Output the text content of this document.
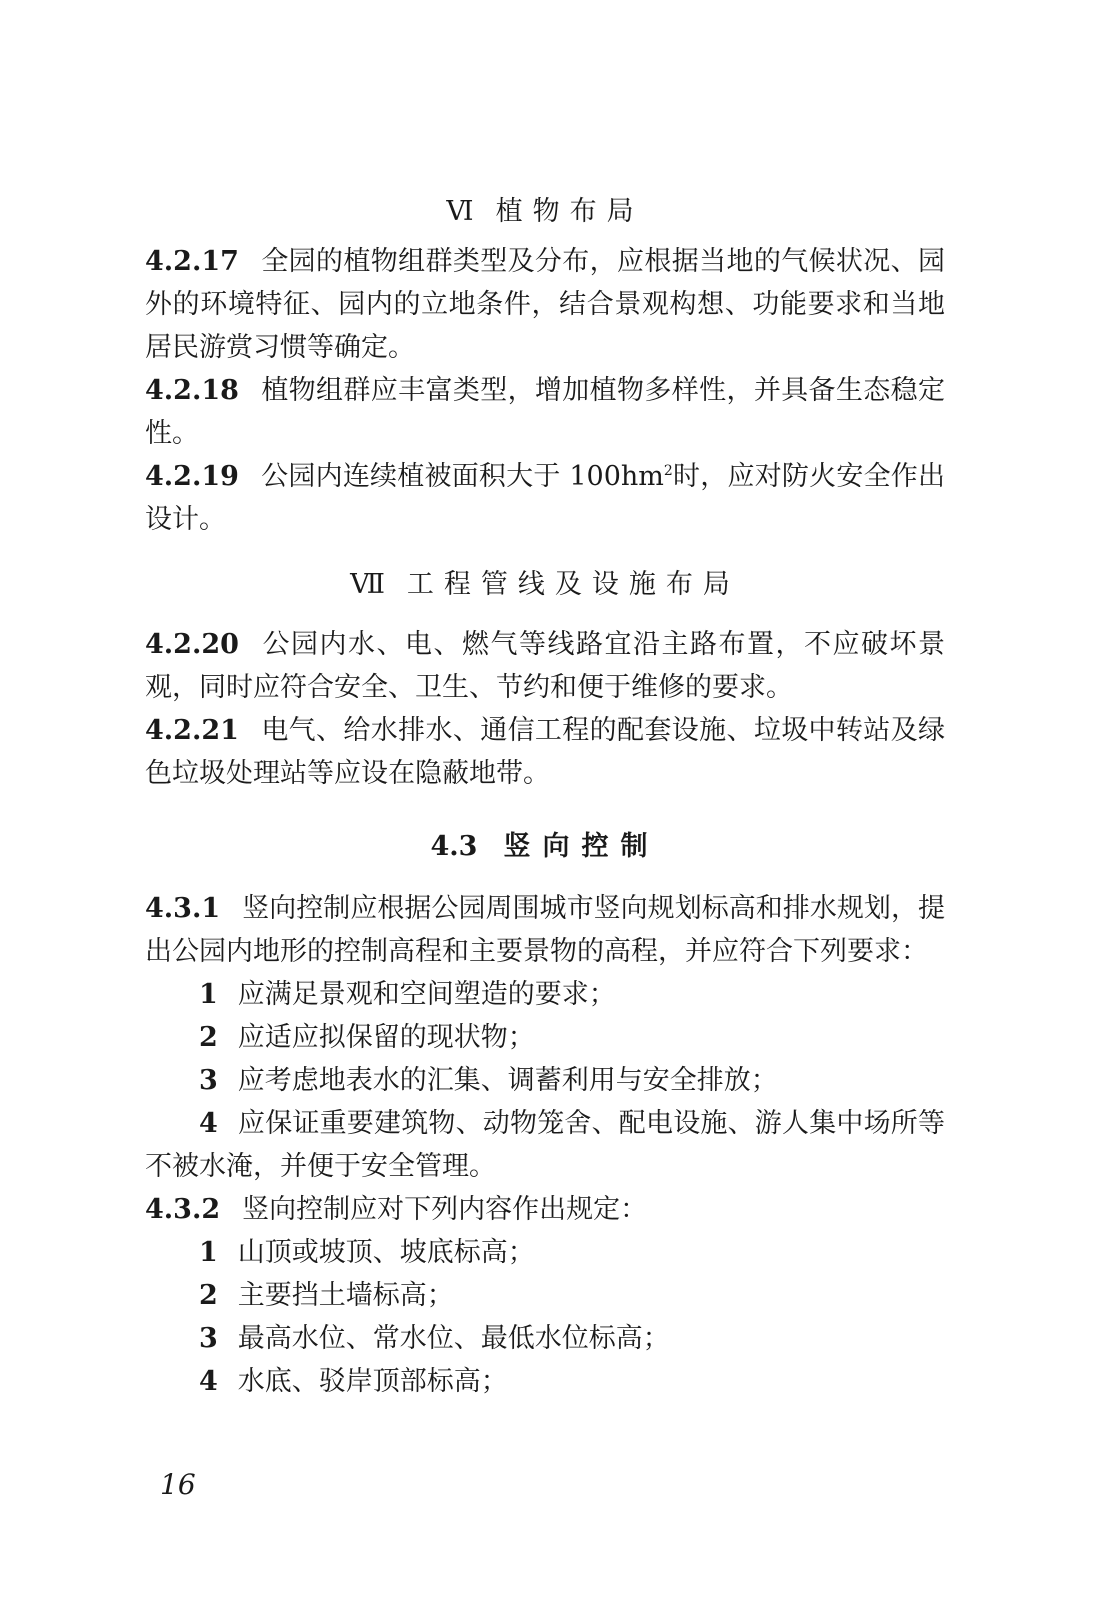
Ⅵ 植物布局

4.2.17 全园的植物组群类型及分布，应根据当地的气候状况、园外的环境特征、园内的立地条件，结合景观构想、功能要求和当地居民游赏习惯等确定。

4.2.18 植物组群应丰富类型，增加植物多样性，并具备生态稳定性。

4.2.19 公园内连续植被面积大于 $100hm^2$时，应对防火安全作出设计。

Ⅶ 工程管线及设施布局

4.2.20 公园内水、电、燃气等线路宜沿主路布置，不应破坏景观，同时应符合安全、卫生、节约和便于维修的要求。

4.2.21 电气、给水排水、通信工程的配套设施、垃圾中转站及绿色垃圾处理站等应设在隐蔽地带。

4.3 竖向控制

4.3.1 竖向控制应根据公园周围城市竖向规划标高和排水规划，提出公园内地形的控制高程和主要景物的高程，并应符合下列要求：

1 应满足景观和空间塑造的要求；

2 应适应拟保留的现状物；

3 应考虑地表水的汇集、调蓄利用与安全排放；

4 应保证重要建筑物、动物笼舍、配电设施、游人集中场所等不被水淹，并便于安全管理。

4.3.2 竖向控制应对下列内容作出规定：

1 山顶或坡顶、坡底标高；

2 主要挡土墙标高；

3 最高水位、常水位、最低水位标高；

4 水底、驳岸顶部标高；

16
